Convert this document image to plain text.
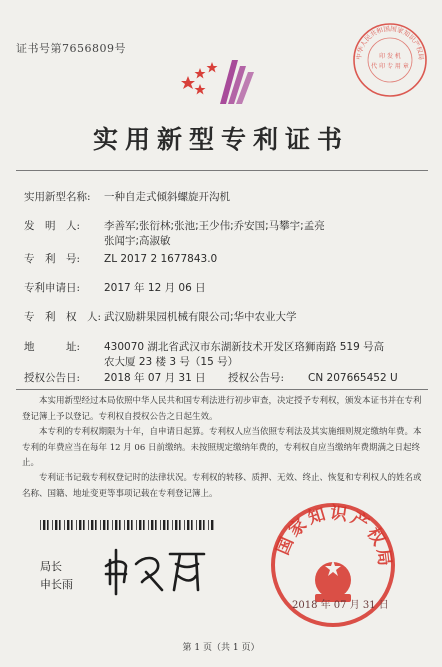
证书号第7656809号
中华人民共和国国家知识产权局
印 发 机
代 印 专 用 章
实用新型专利证书
实用新型名称: 一种自走式倾斜螺旋开沟机
发　明　人: 李善军;张衍林;张池;王少伟;乔安国;马攀宇;孟亮
张闻宇;高淑敏
专　利　号: ZL 2017 2 1677843.0
专利申请日: 2017 年 12 月 06 日
专　利　权　人: 武汉励耕果园机械有限公司;华中农业大学
地　　　址: 430070 湖北省武汉市东湖新技术开发区珞狮南路 519 号高
农大厦 23 楼 3 号（15 号）
授权公告日: 2018 年 07 月 31 日 授权公告号: CN 207665452 U
本实用新型经过本局依照中华人民共和国专利法进行初步审查，决定授予专利权，颁发本证书并在专利登记簿上予以登记。专利权自授权公告之日起生效。
本专利的专利权期限为十年，自申请日起算。专利权人应当依照专利法及其实施细则规定缴纳年费。本专利的年费应当在每年 12 月 06 日前缴纳。未按照规定缴纳年费的，专利权自应当缴纳年费期满之日起终止。
专利证书记载专利权登记时的法律状况。专利权的转移、质押、无效、终止、恢复和专利权人的姓名或名称、国籍、地址变更等事项记载在专利登记簿上。
局长
申长雨
国家知识产权局
2018 年 07 月 31 日
第 1 页（共 1 页）
